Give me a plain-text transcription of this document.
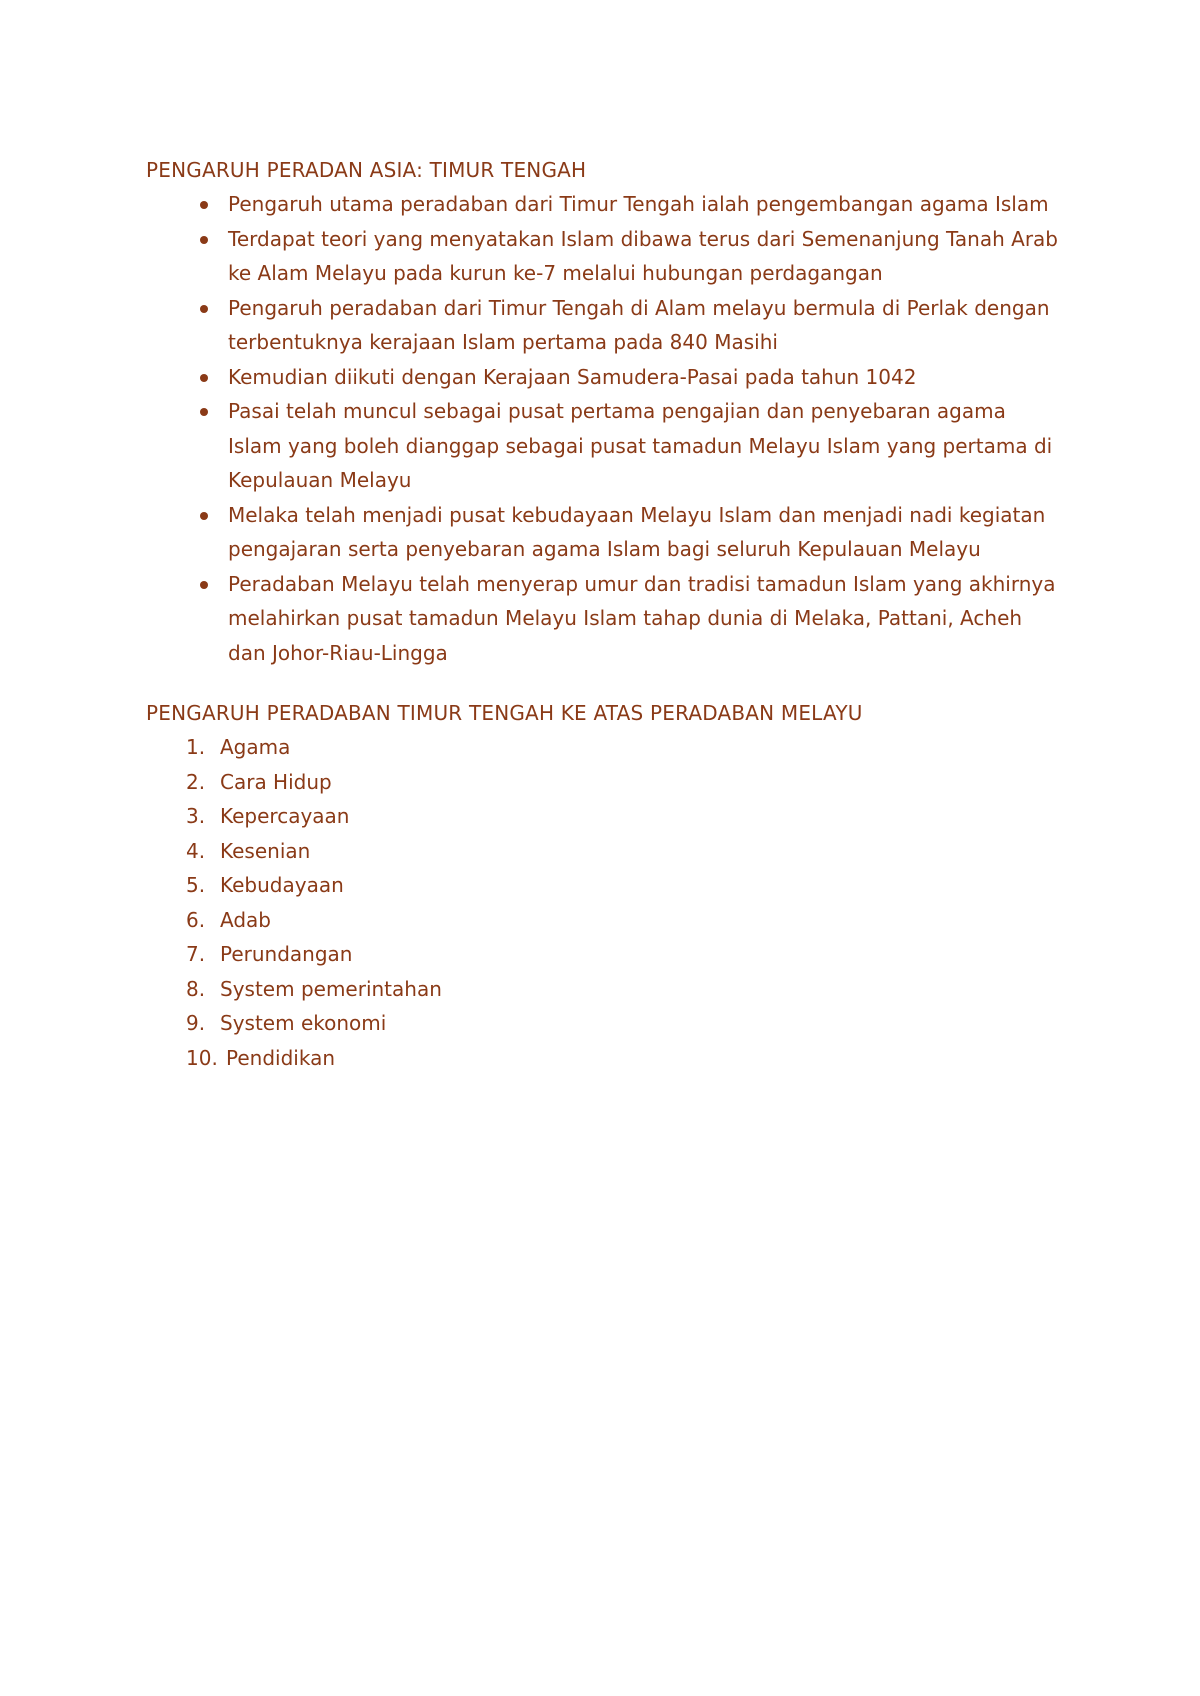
PENGARUH PERADAN ASIA: TIMUR TENGAH
Pengaruh utama peradaban dari Timur Tengah ialah pengembangan agama Islam
Terdapat teori yang menyatakan Islam dibawa terus dari Semenanjung Tanah Arab ke Alam Melayu pada kurun ke-7 melalui hubungan perdagangan
Pengaruh peradaban dari Timur Tengah di Alam melayu bermula di Perlak dengan terbentuknya kerajaan Islam pertama pada 840 Masihi
Kemudian diikuti dengan Kerajaan Samudera-Pasai pada tahun 1042
Pasai telah muncul sebagai pusat pertama pengajian dan penyebaran agama Islam yang boleh dianggap sebagai pusat tamadun Melayu Islam yang pertama di Kepulauan Melayu
Melaka telah menjadi pusat kebudayaan Melayu Islam dan menjadi nadi kegiatan pengajaran serta penyebaran agama Islam bagi seluruh Kepulauan Melayu
Peradaban Melayu telah menyerap umur dan tradisi tamadun Islam yang akhirnya melahirkan pusat tamadun Melayu Islam tahap dunia di Melaka, Pattani, Acheh dan Johor-Riau-Lingga
PENGARUH PERADABAN TIMUR TENGAH KE ATAS PERADABAN MELAYU
1. Agama
2. Cara Hidup
3. Kepercayaan
4. Kesenian
5. Kebudayaan
6. Adab
7. Perundangan
8. System pemerintahan
9. System ekonomi
10. Pendidikan
